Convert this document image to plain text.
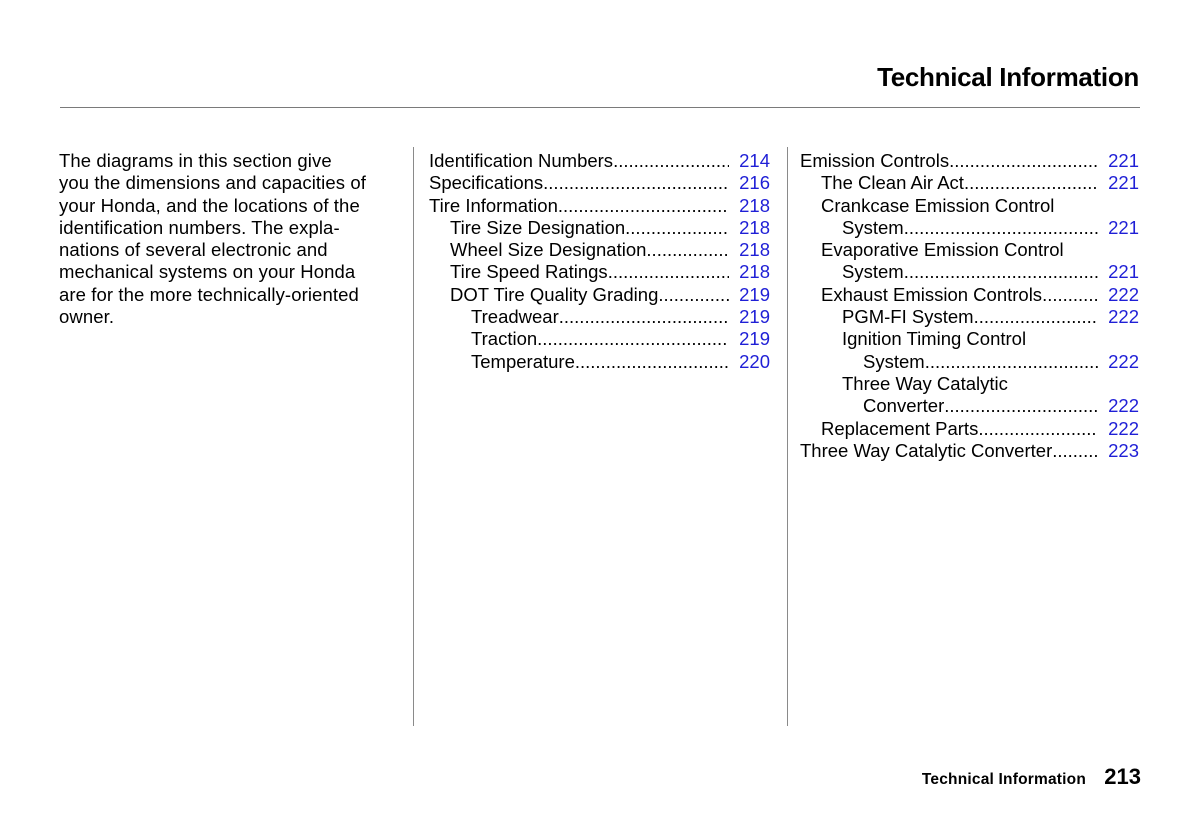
Technical Information
The diagrams in this section give
you the dimensions and capacities of
your Honda, and the locations of the
identification numbers. The expla-
nations of several electronic and
mechanical systems on your Honda
are for the more technically-oriented
owner.
Identification Numbers .....	214
Specifications .....	216
Tire Information .....	218
Tire Size Designation .....	218
Wheel Size Designation .....	218
Tire Speed Ratings .....	218
DOT Tire Quality Grading .....	219
Treadwear .....	219
Traction .....	219
Temperature .....	220
Emission Controls .....	221
The Clean Air Act .....	221
Crankcase Emission Control
System .....	221
Evaporative Emission Control
System .....	221
Exhaust Emission Controls .....	222
PGM-FI System .....	222
Ignition Timing Control
System .....	222
Three Way Catalytic
Converter .....	222
Replacement Parts .....	222
Three Way Catalytic Converter .....	223
Technical Information 213
